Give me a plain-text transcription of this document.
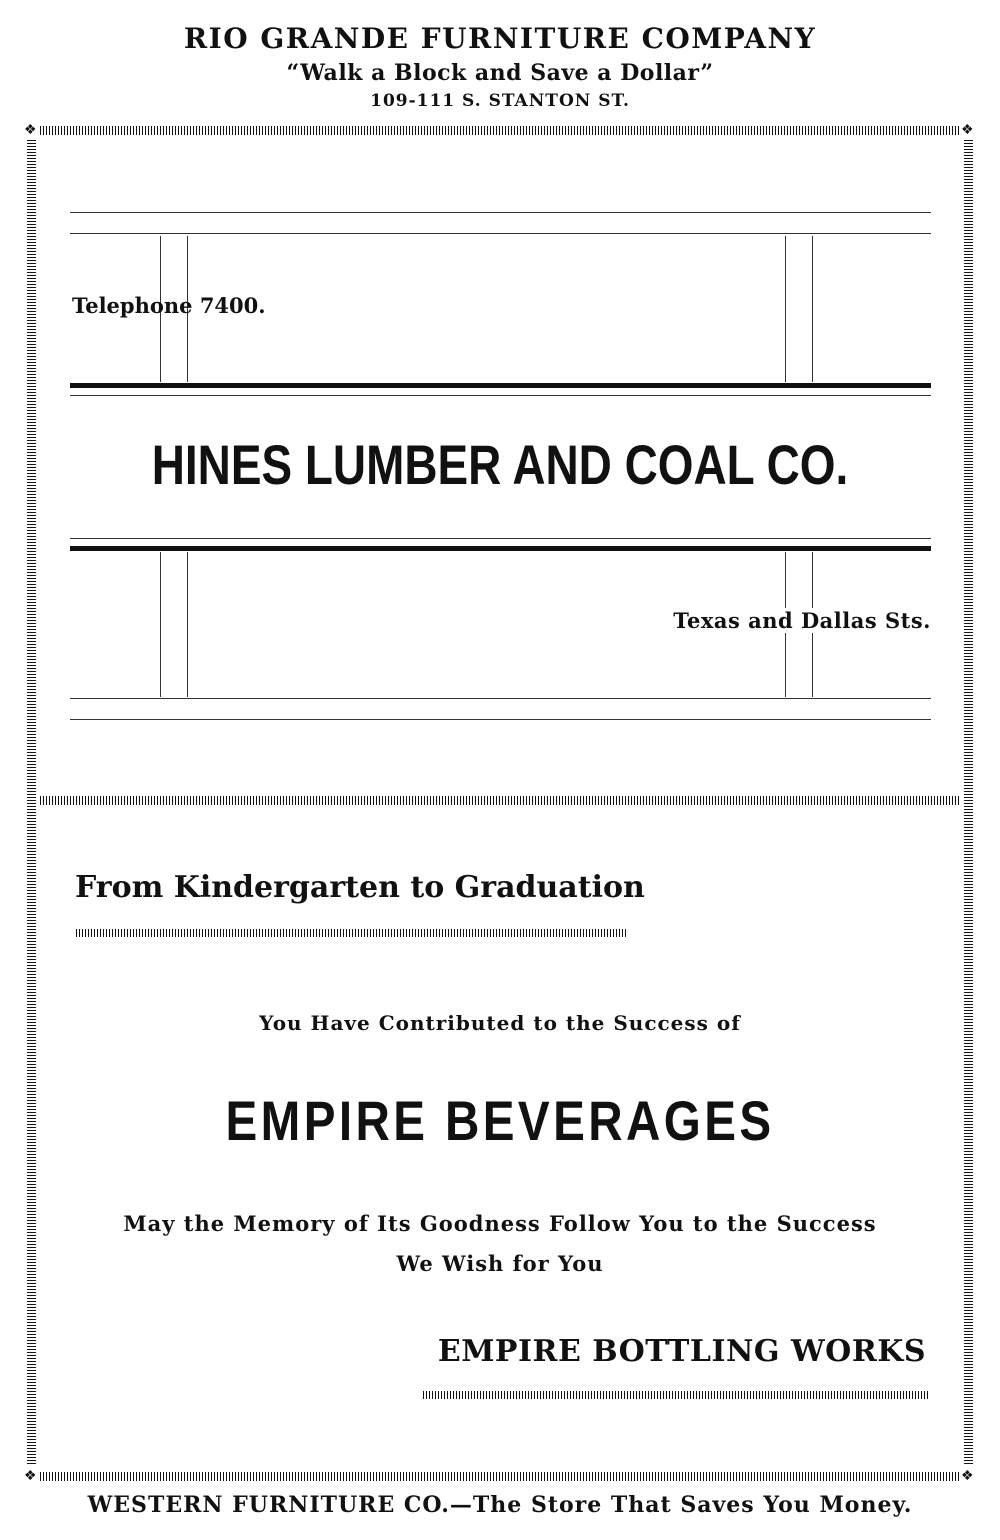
RIO GRANDE FURNITURE COMPANY
“Walk a Block and Save a Dollar”
109-111 S. STANTON ST.
❖	❖
❖	❖
Telephone 7400.
HINES LUMBER AND COAL CO.
Texas and Dallas Sts.
From Kindergarten to Graduation
You Have Contributed to the Success of
EMPIRE BEVERAGES
May the Memory of Its Goodness Follow You to the Success
We Wish for You
EMPIRE BOTTLING WORKS
WESTERN FURNITURE CO.—The Store That Saves You Money.
